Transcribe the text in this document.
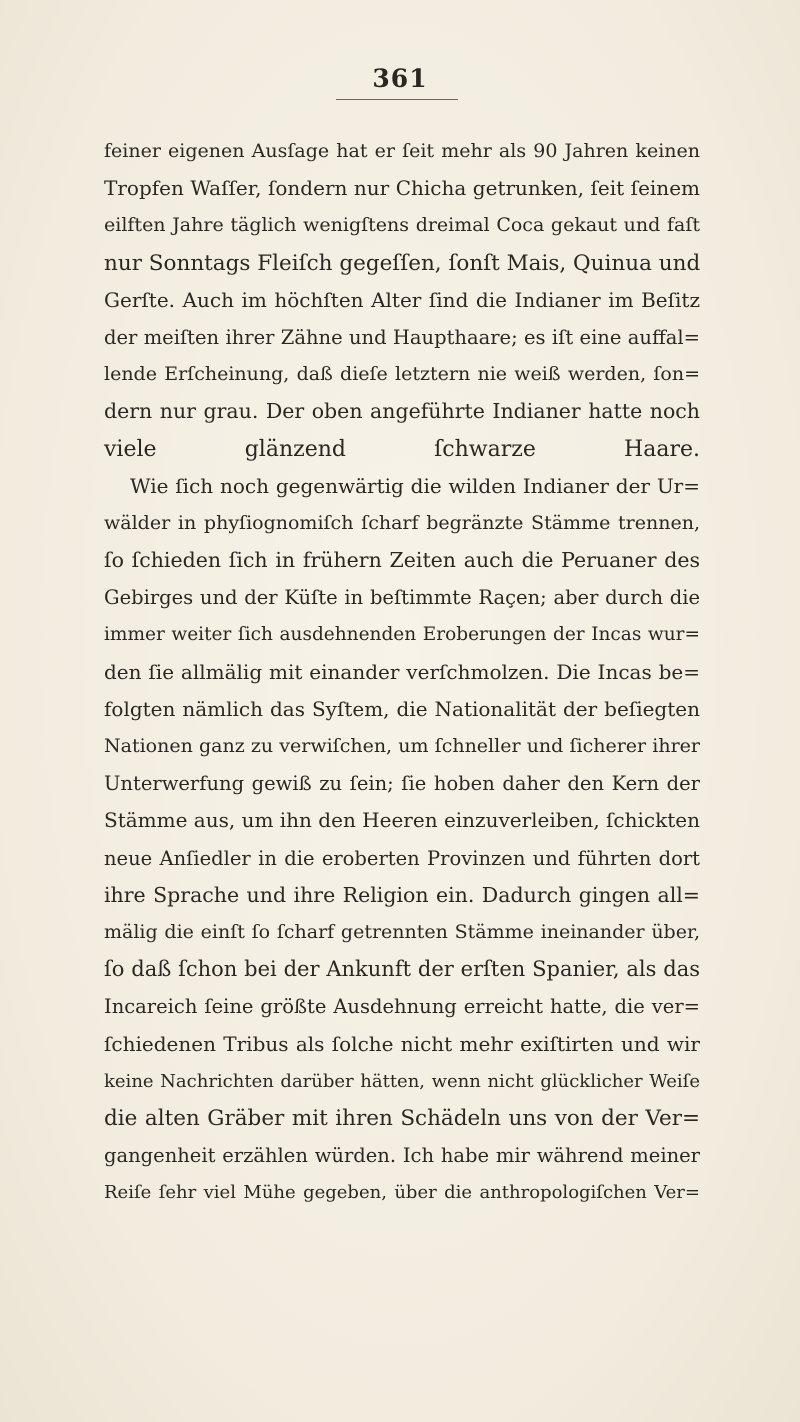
361
feiner eigenen Ausſage hat er ſeit mehr als 90 Jahren keinen
Tropfen Waſſer, ſondern nur Chicha getrunken, ſeit ſeinem
eilften Jahre täglich wenigſtens dreimal Coca gekaut und faſt
nur Sonntags Fleiſch gegeſſen, ſonſt Mais, Quinua und
Gerſte. Auch im höchſten Alter ſind die Indianer im Beſitz
der meiſten ihrer Zähne und Haupthaare; es iſt eine auffal=
lende Erſcheinung, daß dieſe letztern nie weiß werden, ſon=
dern nur grau. Der oben angeführte Indianer hatte noch
viele glänzend ſchwarze Haare.
Wie ſich noch gegenwärtig die wilden Indianer der Ur=
wälder in phyſiognomiſch ſcharf begränzte Stämme trennen,
ſo ſchieden ſich in frühern Zeiten auch die Peruaner des
Gebirges und der Küſte in beſtimmte Raçen; aber durch die
immer weiter ſich ausdehnenden Eroberungen der Incas wur=
den ſie allmälig mit einander verſchmolzen. Die Incas be=
folgten nämlich das Syſtem, die Nationalität der beſiegten
Nationen ganz zu verwiſchen, um ſchneller und ſicherer ihrer
Unterwerfung gewiß zu ſein; ſie hoben daher den Kern der
Stämme aus, um ihn den Heeren einzuverleiben, ſchickten
neue Anſiedler in die eroberten Provinzen und führten dort
ihre Sprache und ihre Religion ein. Dadurch gingen all=
mälig die einſt ſo ſcharf getrennten Stämme ineinander über,
ſo daß ſchon bei der Ankunft der erſten Spanier, als das
Incareich ſeine größte Ausdehnung erreicht hatte, die ver=
ſchiedenen Tribus als ſolche nicht mehr exiſtirten und wir
keine Nachrichten darüber hätten, wenn nicht glücklicher Weiſe
die alten Gräber mit ihren Schädeln uns von der Ver=
gangenheit erzählen würden. Ich habe mir während meiner
Reiſe ſehr viel Mühe gegeben, über die anthropologiſchen Ver=
